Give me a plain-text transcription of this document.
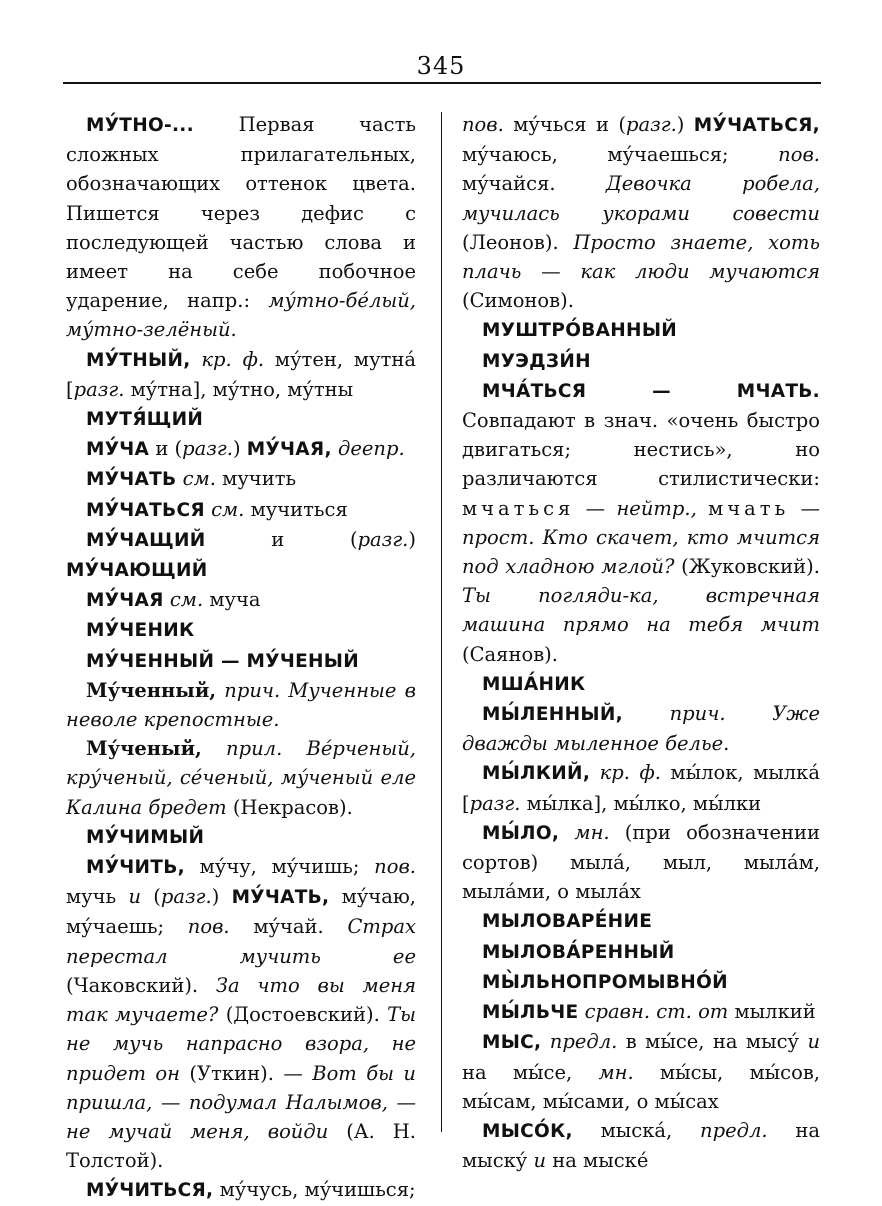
345

МУ́ТНО-... Первая часть сложных прилагательных, обозначающих оттенок цвета. Пишется через дефис с последующей частью слова и имеет на себе побочное ударение, напр.: му́тно-бе́лый, му́тно-зелёный.

МУ́ТНЫЙ, кр. ф. му́тен, мутна́ [разг. му́тна], му́тно, му́тны

МУТЯ́ЩИЙ

МУ́ЧА и (разг.) МУ́ЧАЯ, деепр.

МУ́ЧАТЬ см. мучить

МУ́ЧАТЬСЯ см. мучиться

МУ́ЧАЩИЙ и (разг.) МУ́ЧАЮЩИЙ

МУ́ЧАЯ см. муча

МУ́ЧЕНИК

МУ́ЧЕННЫЙ — МУ́ЧЕНЫЙ

Му́ченный, прич. Мученные в неволе крепостные.

Му́ченый, прил. Ве́рченый, кру́ченый, се́ченый, му́ченый еле Калина бредет (Некрасов).

МУ́ЧИМЫЙ

МУ́ЧИТЬ, му́чу, му́чишь; пов. мучь и (разг.) МУ́ЧАТЬ, му́чаю, му́чаешь; пов. му́чай. Страх перестал мучить ее (Чаковский). За что вы меня так мучаете? (Достоевский). Ты не мучь напрасно взора, не придет он (Уткин). — Вот бы и пришла, — подумал Налымов, — не мучай меня, войди (А. Н. Толстой).

МУ́ЧИТЬСЯ, му́чусь, му́чишься;

пов. му́чься и (разг.) МУ́ЧАТЬСЯ, му́чаюсь, му́чаешься; пов. му́чайся. Девочка робела, мучилась укорами совести (Леонов). Просто знаете, хоть плачь — как люди мучаются (Симонов).

МУШТРО́ВАННЫЙ

МУЭДЗИ́Н

МЧА́ТЬСЯ — МЧАТЬ. Совпадают в знач. «очень быстро двигаться; нестись», но различаются стилистически: мчаться — нейтр., мчать — прост. Кто скачет, кто мчится под хладною мглой? (Жуковский). Ты погляди-ка, встречная машина прямо на тебя мчит (Саянов).

МША́НИК

МЫ́ЛЕННЫЙ, прич. Уже дважды мыленное белье.

МЫ́ЛКИЙ, кр. ф. мы́лок, мылка́ [разг. мы́лка], мы́лко, мы́лки

МЫ́ЛО, мн. (при обозначении сортов) мыла́, мыл, мыла́м, мыла́ми, о мыла́х

МЫЛОВАРЕ́НИЕ

МЫЛОВА́РЕННЫЙ

МЫ̀ЛЬНОПРОМЫВНО́Й

МЫ́ЛЬЧЕ сравн. ст. от мылкий

МЫС, предл. в мы́се, на мысу́ и на мы́се, мн. мы́сы, мы́сов, мы́сам, мы́сами, о мы́сах

МЫСО́К, мыска́, предл. на мыску́ и на мыске́
